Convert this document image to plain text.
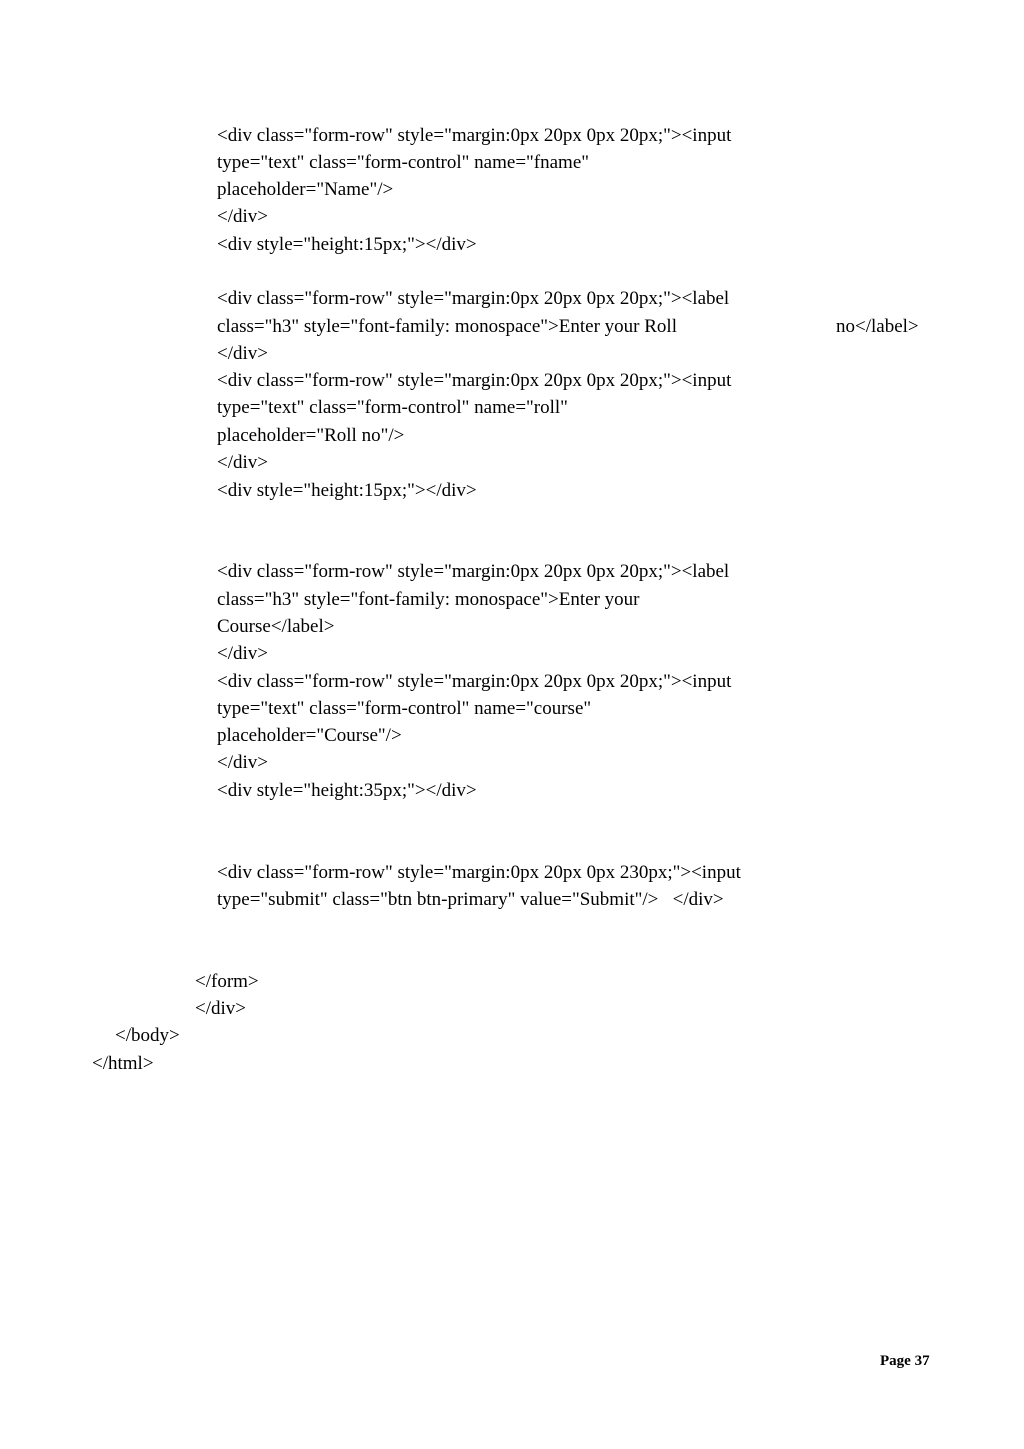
<div class="form-row" style="margin:0px 20px 0px 20px;"><input
type="text" class="form-control" name="fname"
placeholder="Name"/>
</div>
<div style="height:15px;"></div>
<div class="form-row" style="margin:0px 20px 0px 20px;"><label
class="h3" style="font-family: monospace">Enter your Roll	no</label>
</div>
<div class="form-row" style="margin:0px 20px 0px 20px;"><input
type="text" class="form-control" name="roll"
placeholder="Roll no"/>
</div>
<div style="height:15px;"></div>
<div class="form-row" style="margin:0px 20px 0px 20px;"><label
class="h3" style="font-family: monospace">Enter your
Course</label>
</div>
<div class="form-row" style="margin:0px 20px 0px 20px;"><input
type="text" class="form-control" name="course"
placeholder="Course"/>
</div>
<div style="height:35px;"></div>
<div class="form-row" style="margin:0px 20px 0px 230px;"><input
type="submit" class="btn btn-primary" value="Submit"/>   </div>
</form>
</div>
</body>
</html>
Page 37
